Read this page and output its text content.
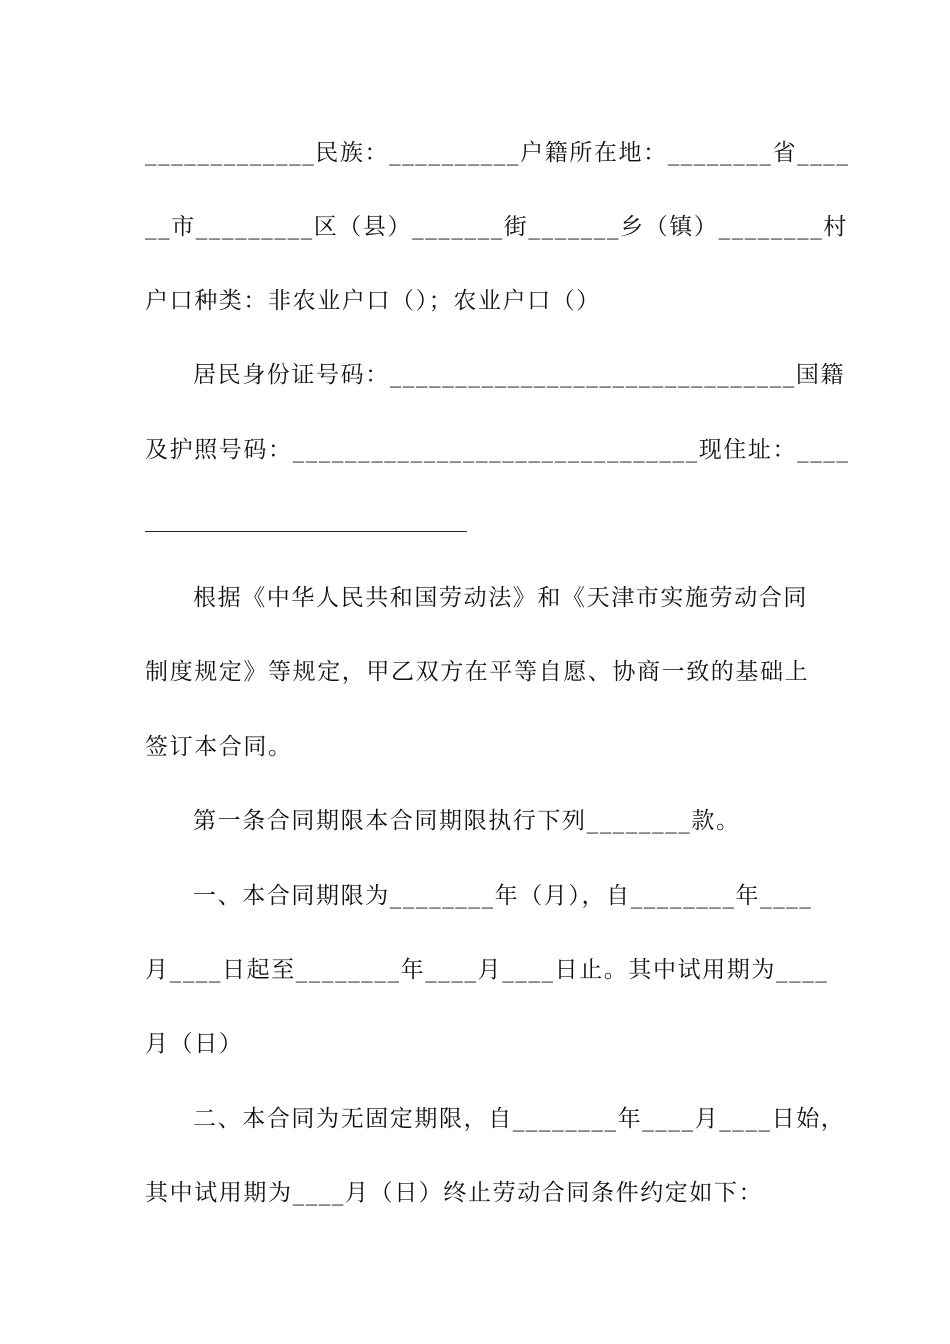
_____________民族：__________户籍所在地：________省____
__市_________区（县）_______街_______乡（镇）________村
户口种类：非农业户口（）；农业户口（）
居民身份证号码：_______________________________国籍
及护照号码：_______________________________现住址：____
根据《中华人民共和国劳动法》和《天津市实施劳动合同
制度规定》等规定，甲乙双方在平等自愿、协商一致的基础上
签订本合同。
第一条合同期限本合同期限执行下列________款。
一、本合同期限为________年（月），自________年____
月____日起至________年____月____日止。其中试用期为____
月（日）
二、本合同为无固定期限，自________年____月____日始，
其中试用期为____月（日）终止劳动合同条件约定如下：
